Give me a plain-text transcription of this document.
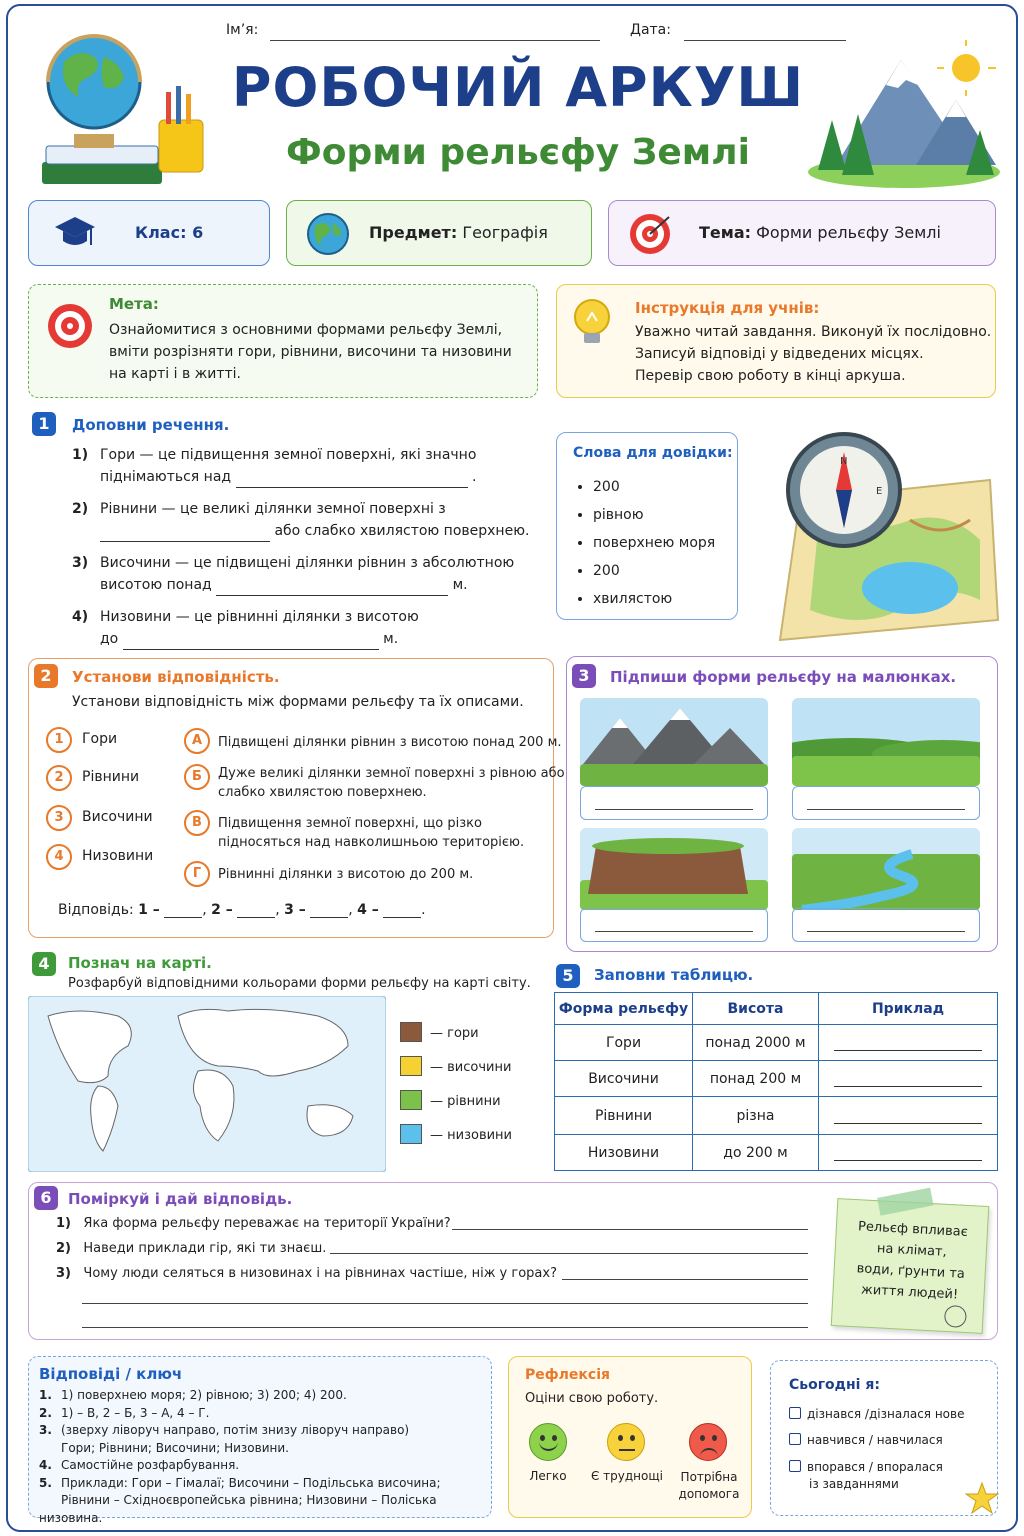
Ім’я:	Дата:
РОБОЧИЙ АРКУШ
Форми рельєфу Землі
Клас: 6	Предмет: Географія	Тема: Форми рельєфу Землі
Мета:
Ознайомитися з основними формами рельєфу Землі,
вміти розрізняти гори, рівнини, височини та низовини
на карті і в житті.
Інструкція для учнів:
Уважно читай завдання. Виконуй їх послідовно.
Записуй відповіді у відведених місцях.
Перевір свою роботу в кінці аркуша.
1	Доповни речення.
1) Гори — це підвищення земної поверхні, які значно
піднімаються над	.
2) Рівнини — це великі ділянки земної поверхні з
або слабко хвилястою поверхнею.
3) Височини — це підвищені ділянки рівнин з абсолютною
висотою понад	м.
4) Низовини — це рівнинні ділянки з висотою
до	м.
Слова для довідки:
• 200
• рівною
• поверхнею моря
• 200
• хвилястою
N
E
2	Установи відповідність.
Установи відповідність між формами рельєфу та їх описами.
1	Гори
2	Рівнини
3	Височини
4	Низовини
А	Підвищені ділянки рівнин з висотою понад 200 м.
Б	Дуже великі ділянки земної поверхні з рівною або
слабко хвилястою поверхнею.
В	Підвищення земної поверхні, що різко
підносяться над навколишньою територією.
Г	Рівнинні ділянки з висотою до 200 м.
Відповідь: 1 –	, 2 –	, 3 –	, 4 –	.
3	Підпиши форми рельєфу на малюнках.
4	Познач на карті.
Розфарбуй відповідними кольорами форми рельєфу на карті світу.
— гори
— височини
— рівнини
— низовини
5	Заповни таблицю.
Форма рельєфу	Висота	Приклад
Гори	понад 2000 м	
Височини	понад 200 м	
Рівнини	різна	
Низовини	до 200 м	
6	Поміркуй і дай відповідь.
1) Яка форма рельєфу переважає на території України?
2) Наведи приклади гір, які ти знаєш.
3) Чому люди селяться в низовинах і на рівнинах частіше, ніж у горах?
Рельєф впливає
на клімат,
води, ґрунти та
життя людей!
Відповіді / ключ
1. 1) поверхнею моря; 2) рівною; 3) 200; 4) 200.
2. 1) – В, 2 – Б, 3 – А, 4 – Г.
3. (зверху ліворуч направо, потім знизу ліворуч направо)
Гори; Рівнини; Височини; Низовини.
4. Самостійне розфарбування.
5. Приклади: Гори – Гімалаї; Височини – Подільська височина;
Рівнини – Східноєвропейська рівнина; Низовини – Поліська низовина.
Рефлексія
Оціни свою роботу.
Легко	Є труднощі	Потрібна
допомога
Сьогодні я:
дізнався /дізналася нове
навчився / навчилася
впорався / впоралася
із завданнями
